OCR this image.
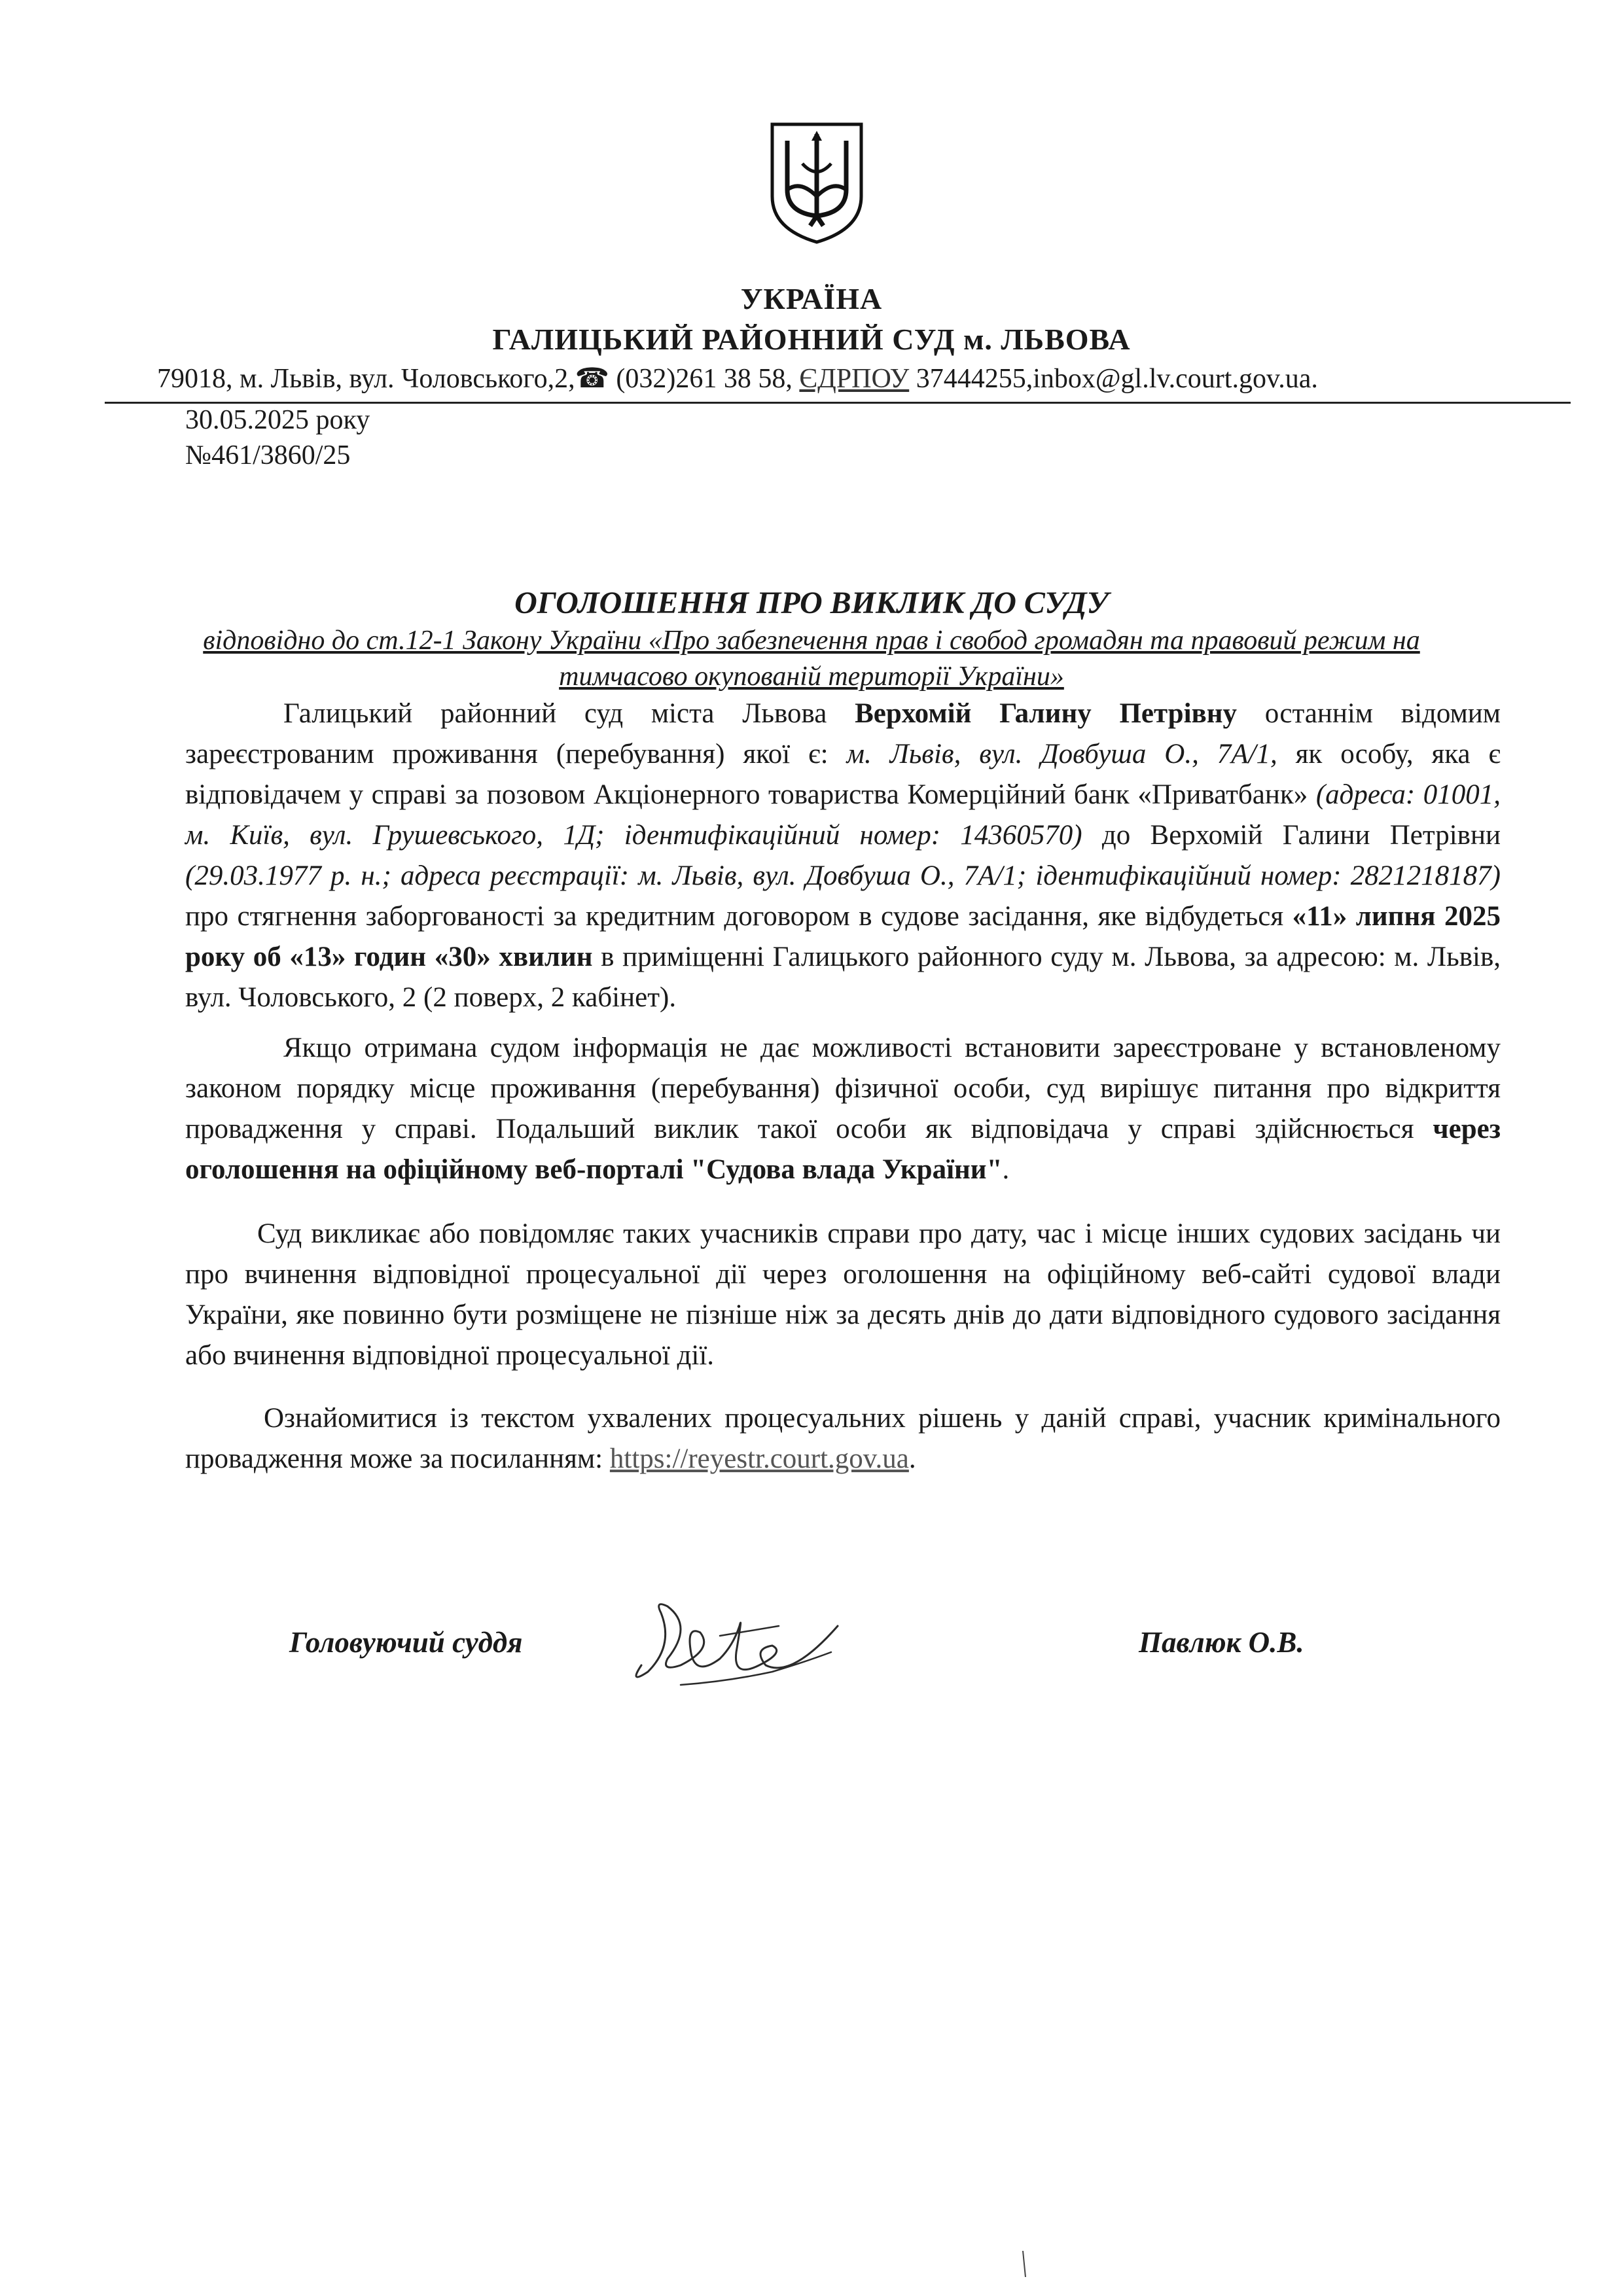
УКРАЇНА
ГАЛИЦЬКИЙ РАЙОННИЙ СУД м. ЛЬВОВА
79018, м. Львів, вул. Чоловського,2,☎ (032)261 38 58, ЄДРПОУ 37444255,inbox@gl.lv.court.gov.ua.
30.05.2025 року
№461/3860/25
ОГОЛОШЕННЯ ПРО ВИКЛИК ДО СУДУ
відповідно до ст.12-1 Закону України «Про забезпечення прав і свобод громадян та правовий режим на тимчасово окупованій території України»

Галицький районний суд міста Львова Верхомій Галину Петрівну останнім відомим зареєстрованим проживання (перебування) якої є: м. Львів, вул. Довбуша О., 7А/1, як особу, яка є відповідачем у справі за позовом Акціонерного товариства Комерційний банк «Приватбанк» (адреса: 01001, м. Київ, вул. Грушевського, 1Д; ідентифікаційний номер: 14360570) до Верхомій Галини Петрівни (29.03.1977 р. н.; адреса реєстрації: м. Львів, вул. Довбуша О., 7А/1; ідентифікаційний номер: 2821218187) про стягнення заборгованості за кредитним договором в судове засідання, яке відбудеться «11» липня 2025 року об «13» годин «30» хвилин в приміщенні Галицького районного суду м. Львова, за адресою: м. Львів, вул. Чоловського, 2 (2 поверх, 2 кабінет).

Якщо отримана судом інформація не дає можливості встановити зареєстроване у встановленому законом порядку місце проживання (перебування) фізичної особи, суд вирішує питання про відкриття провадження у справі. Подальший виклик такої особи як відповідача у справі здійснюється через оголошення на офіційному веб-порталі "Судова влада України".

Суд викликає або повідомляє таких учасників справи про дату, час і місце інших судових засідань чи про вчинення відповідної процесуальної дії через оголошення на офіційному веб-сайті судової влади України, яке повинно бути розміщене не пізніше ніж за десять днів до дати відповідного судового засідання або вчинення відповідної процесуальної дії.

Ознайомитися із текстом ухвалених процесуальних рішень у даній справі, учасник кримінального провадження може за посиланням: https://reyestr.court.gov.ua.

Головуючий суддя	Павлюк О.В.
